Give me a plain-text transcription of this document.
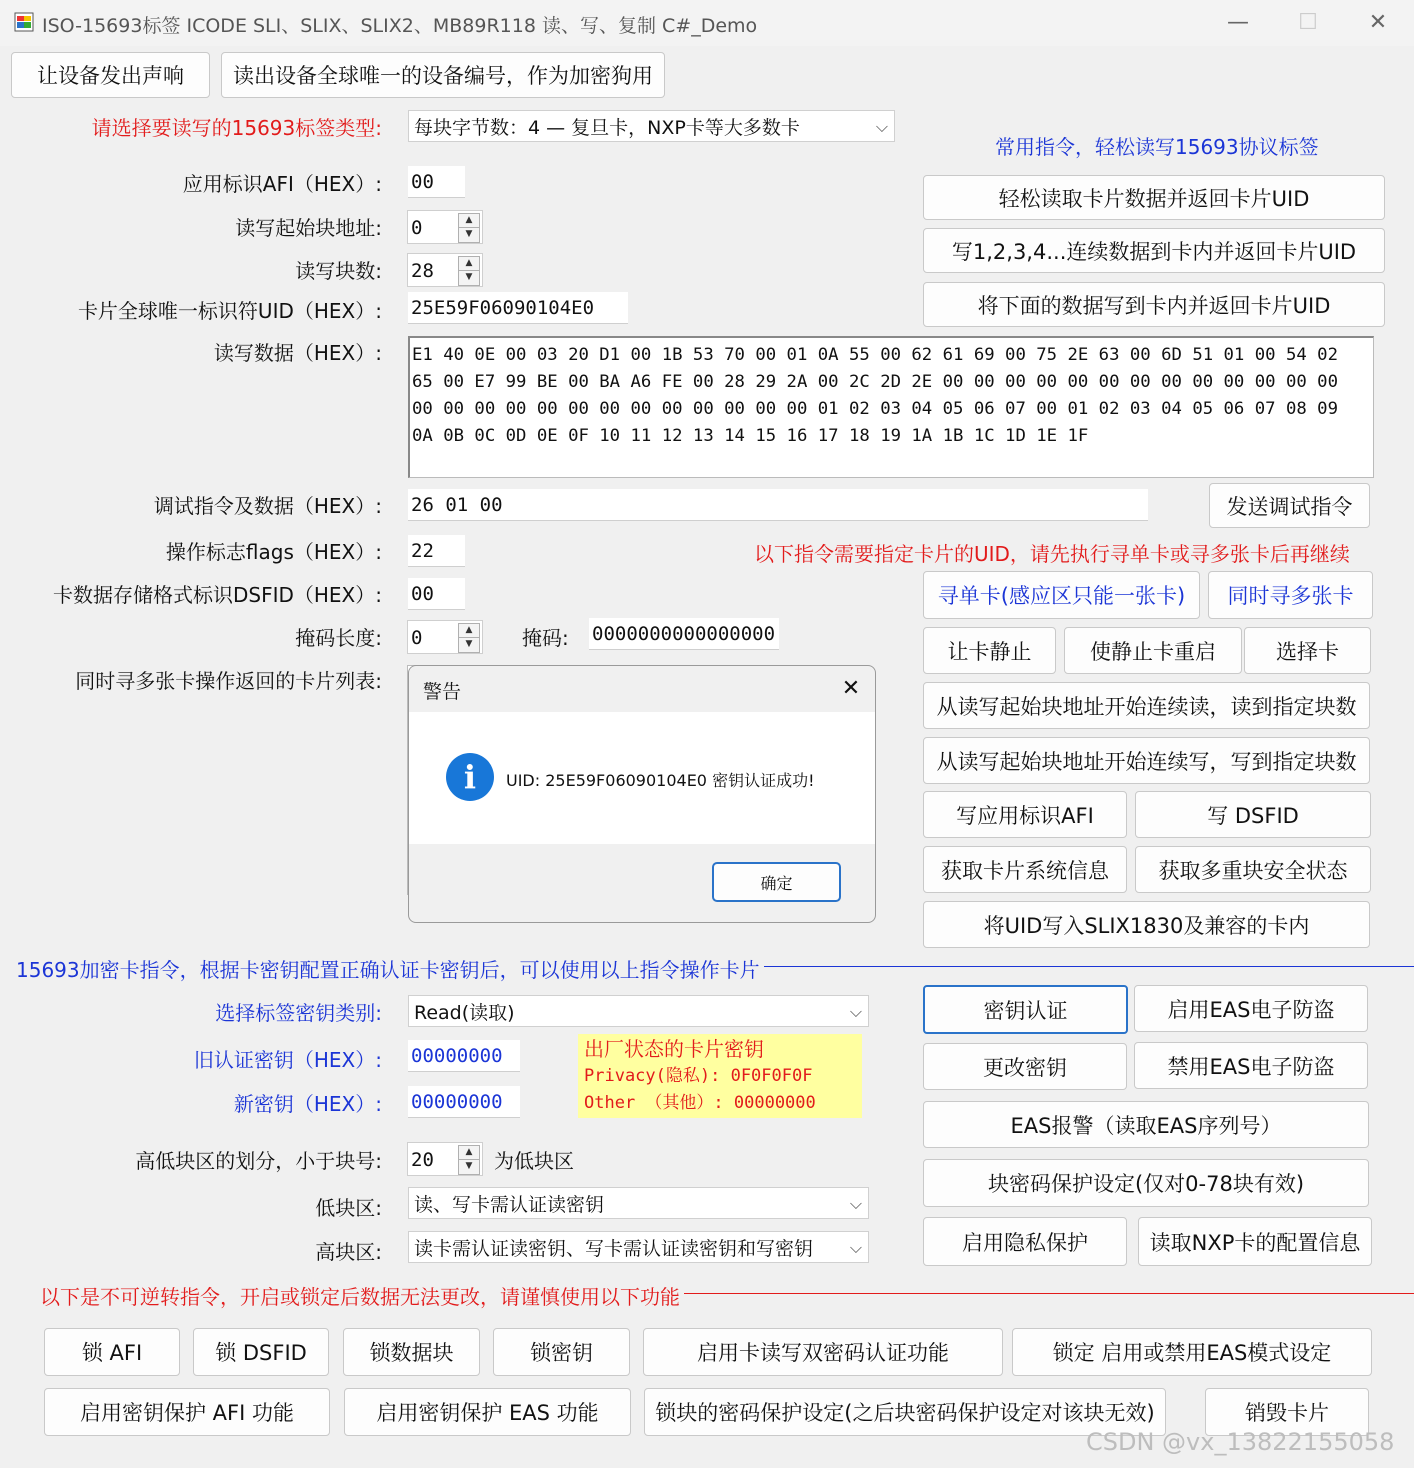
ISO-15693标签 ICODE SLI、SLIX、SLIX2、MB89R118 读、写、复制 C#_Demo	—	☐	✕
让设备发出声响	读出设备全球唯一的设备编号，作为加密狗用
请选择要读写的15693标签类型: 每块字节数：4 — 复旦卡，NXP卡等大多数卡	⌵
常用指令，轻松读写15693协议标签
应用标识AFI（HEX）: 00
读写起始块地址: 0	▲
▼
读写块数: 28	▲
▼
卡片全球唯一标识符UID（HEX）: 25E59F06090104E0
读写数据（HEX）: E1 40 0E 00 03 20 D1 00 1B 53 70 00 01 0A 55 00 62 61 69 00 75 2E 63 00 6D 51 01 00 54 02
65 00 E7 99 BE 00 BA A6 FE 00 28 29 2A 00 2C 2D 2E 00 00 00 00 00 00 00 00 00 00 00 00 00
00 00 00 00 00 00 00 00 00 00 00 00 00 01 02 03 04 05 06 07 00 01 02 03 04 05 06 07 08 09
0A 0B 0C 0D 0E 0F 10 11 12 13 14 15 16 17 18 19 1A 1B 1C 1D 1E 1F
调试指令及数据（HEX）: 26 01 00
操作标志flags（HEX）: 22
卡数据存储格式标识DSFID（HEX）: 00
掩码长度: 0	▲
▼	掩码: 0000000000000000
同时寻多张卡操作返回的卡片列表:
轻松读取卡片数据并返回卡片UID
写1,2,3,4...连续数据到卡内并返回卡片UID
将下面的数据写到卡内并返回卡片UID
发送调试指令
以下指令需要指定卡片的UID，请先执行寻单卡或寻多张卡后再继续
寻单卡(感应区只能一张卡)	同时寻多张卡
让卡静止	使静止卡重启	选择卡
从读写起始块地址开始连续读，读到指定块数
从读写起始块地址开始连续写，写到指定块数
写应用标识AFI	写 DSFID
获取卡片系统信息	获取多重块安全状态
将UID写入SLIX1830及兼容的卡内
警告	✕
i	UID: 25E59F06090104E0 密钥认证成功!
确定
15693加密卡指令，根据卡密钥配置正确认证卡密钥后，可以使用以上指令操作卡片
选择标签密钥类别: Read(读取)	⌵
旧认证密钥（HEX）: 00000000
新密钥（HEX）: 00000000
出厂状态的卡片密钥
Privacy(隐私): 0F0F0F0F
Other （其他）: 00000000
高低块区的划分，小于块号: 20	▲
▼	为低块区
低块区: 读、写卡需认证读密钥	⌵
高块区: 读卡需认证读密钥、写卡需认证读密钥和写密钥	⌵
密钥认证	启用EAS电子防盗
更改密钥	禁用EAS电子防盗
EAS报警（读取EAS序列号）
块密码保护设定(仅对0-78块有效)
启用隐私保护	读取NXP卡的配置信息
以下是不可逆转指令，开启或锁定后数据无法更改，请谨慎使用以下功能
锁 AFI	锁 DSFID	锁数据块	锁密钥	启用卡读写双密码认证功能	锁定 启用或禁用EAS模式设定
启用密钥保护 AFI 功能	启用密钥保护 EAS 功能	锁块的密码保护设定(之后块密码保护设定对该块无效)	销毁卡片
CSDN @vx_13822155058
